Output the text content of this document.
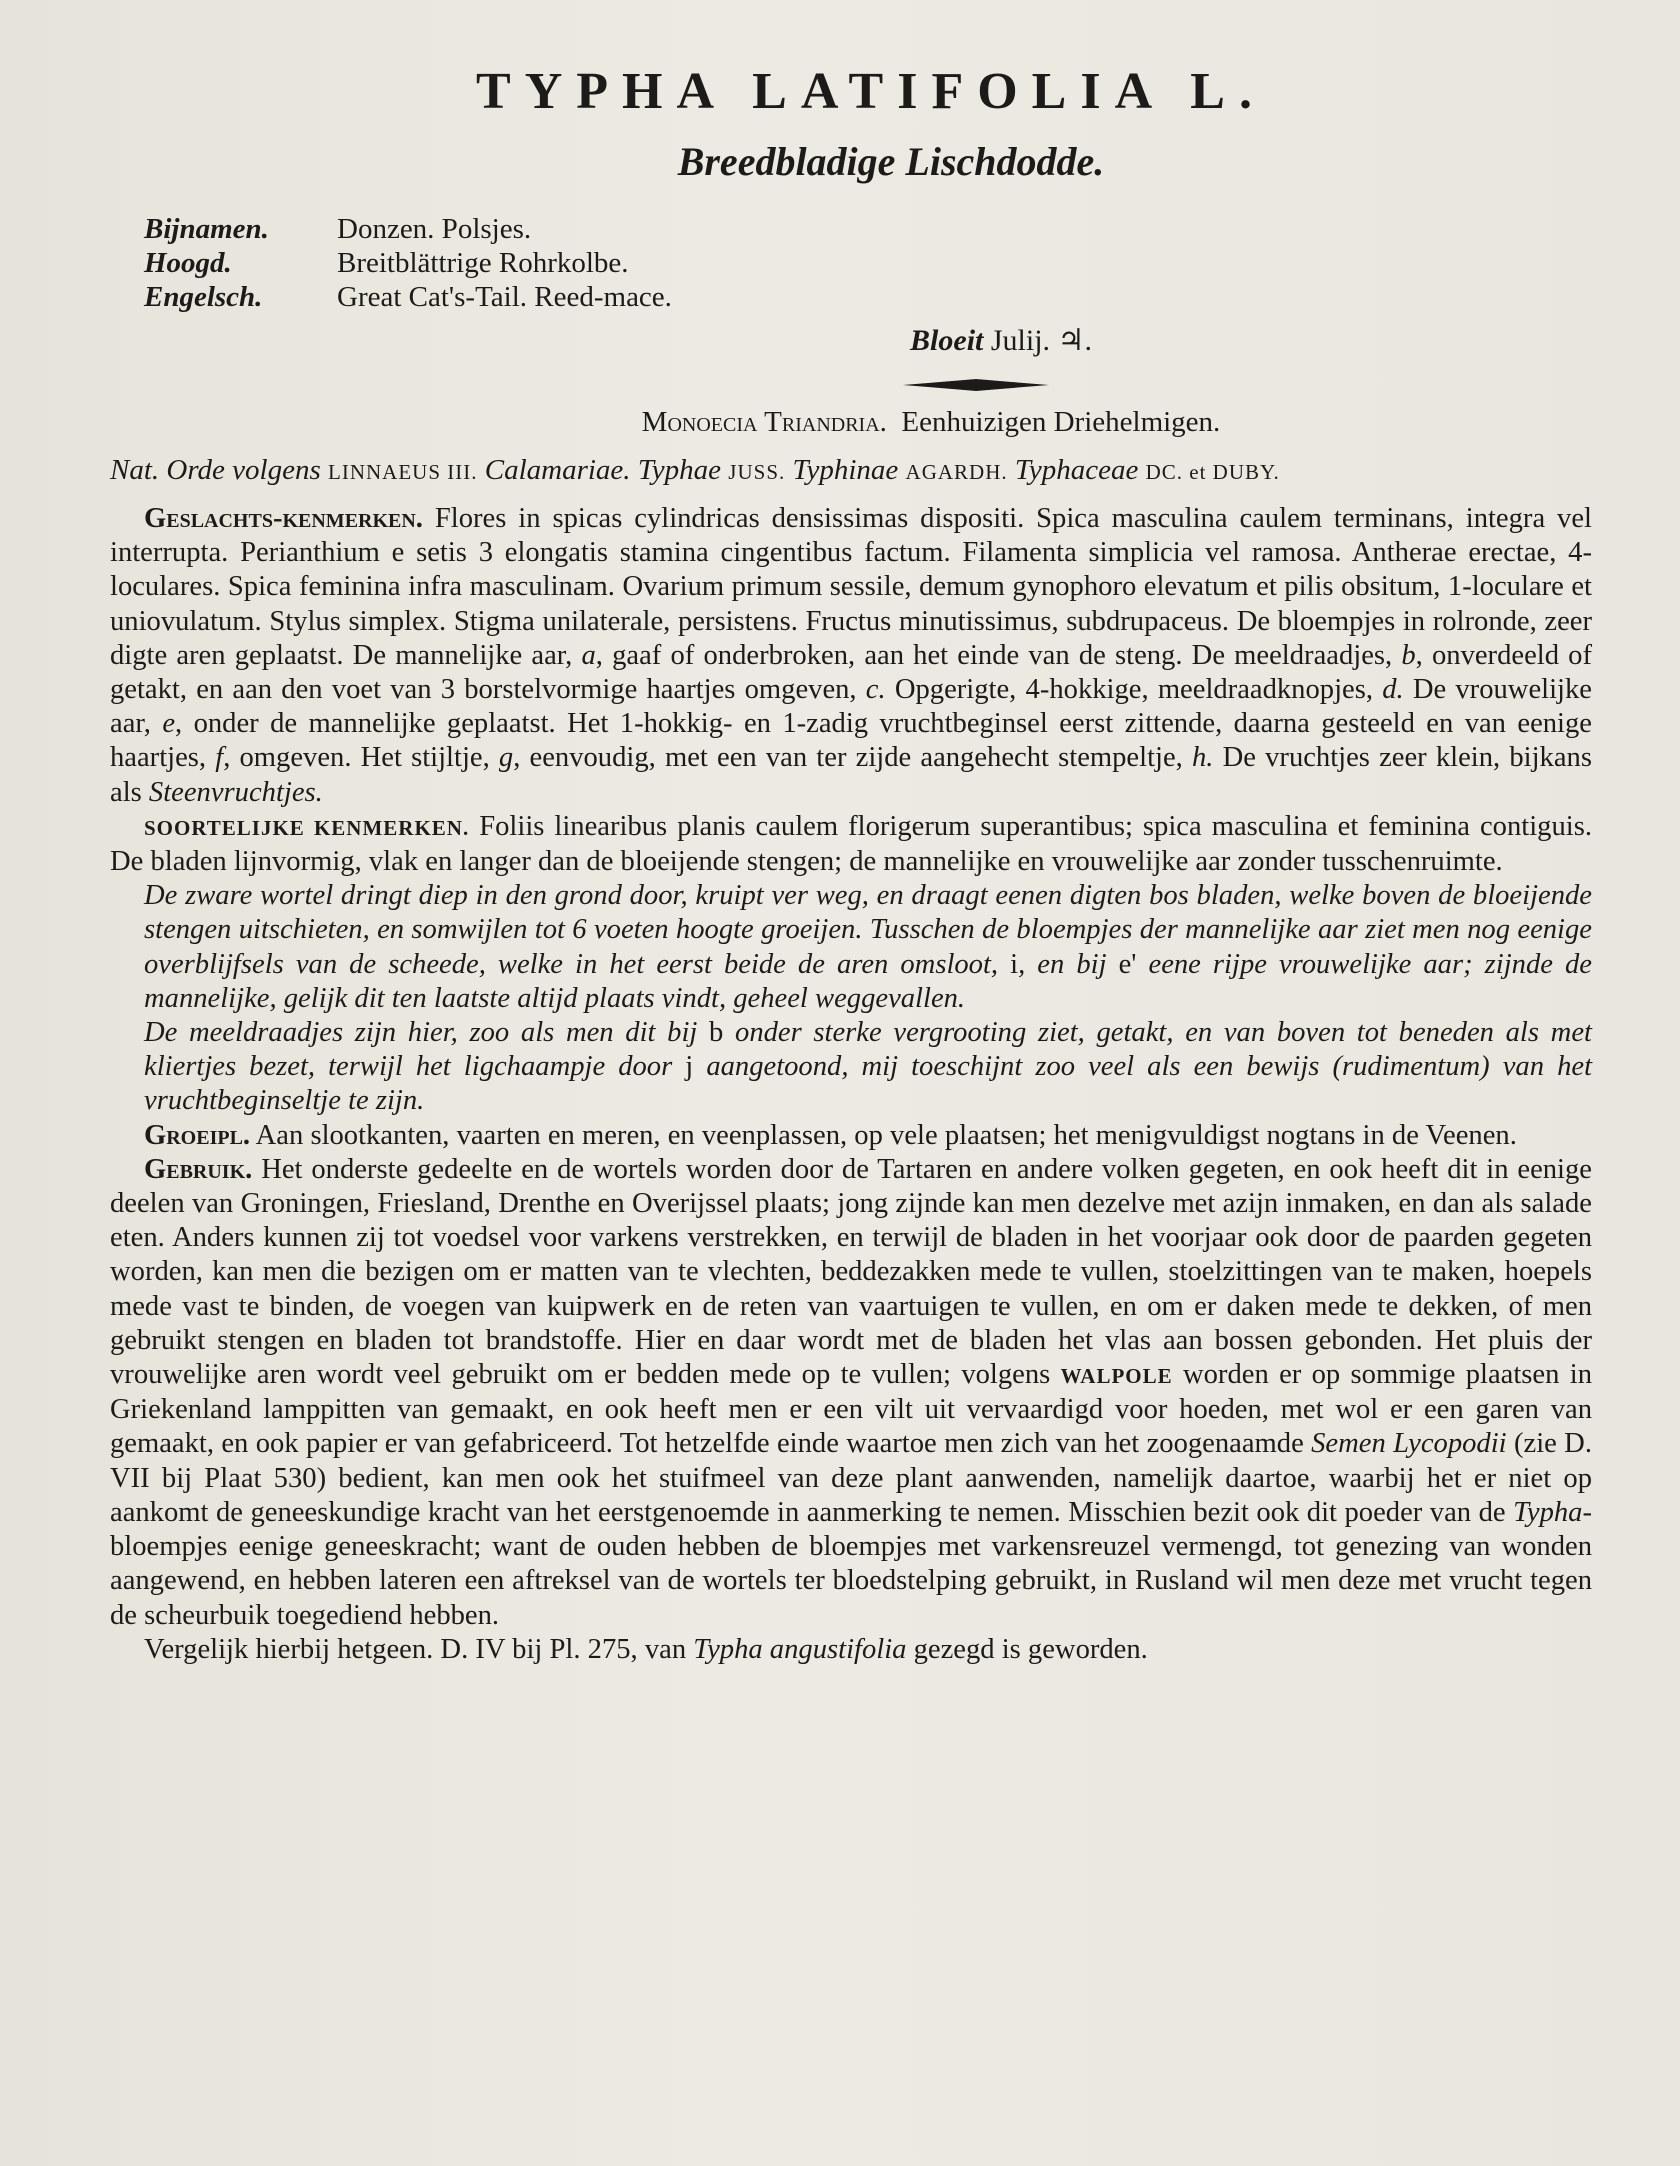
TYPHA LATIFOLIA L.
Breedbladige Lischdodde.
Bijnamen.	Donzen. Polsjes.
Hoogd.	Breitblättrige Rohrkolbe.
Engelsch.	Great Cat's-Tail. Reed-mace.
Bloeit Julij. ♃.

Monoecia Triandria. Eenhuizigen Driehelmigen.

Nat. Orde volgens LINNAEUS III. Calamariae. Typhae JUSS. Typhinae AGARDH. Typhaceae DC. et DUBY.

Geslachts-kenmerken. Flores in spicas cylindricas densissimas dispositi. Spica masculina caulem terminans, integra vel interrupta. Perianthium e setis 3 elongatis stamina cingentibus factum. Filamenta simplicia vel ramosa. Antherae erectae, 4-loculares. Spica feminina infra masculinam. Ovarium primum sessile, demum gynophoro elevatum et pilis obsitum, 1-loculare et uniovulatum. Stylus simplex. Stigma unilaterale, persistens. Fructus minutissimus, subdrupaceus. De bloempjes in rolronde, zeer digte aren geplaatst. De mannelijke aar, a, gaaf of onderbroken, aan het einde van de steng. De meeldraadjes, b, onverdeeld of getakt, en aan den voet van 3 borstelvormige haartjes omgeven, c. Opgerigte, 4-hokkige, meeldraadknopjes, d. De vrouwelijke aar, e, onder de mannelijke geplaatst. Het 1-hokkig- en 1-zadig vruchtbeginsel eerst zittende, daarna gesteeld en van eenige haartjes, f, omgeven. Het stijltje, g, eenvoudig, met een van ter zijde aangehecht stempeltje, h. De vruchtjes zeer klein, bijkans als Steenvruchtjes.

SOORTELIJKE KENMERKEN. Foliis linearibus planis caulem florigerum superantibus; spica masculina et feminina contiguis. De bladen lijnvormig, vlak en langer dan de bloeijende stengen; de mannelijke en vrouwelijke aar zonder tusschenruimte.

De zware wortel dringt diep in den grond door, kruipt ver weg, en draagt eenen digten bos bladen, welke boven de bloeijende stengen uitschieten, en somwijlen tot 6 voeten hoogte groeijen. Tusschen de bloempjes der mannelijke aar ziet men nog eenige overblijfsels van de scheede, welke in het eerst beide de aren omsloot, i, en bij e' eene rijpe vrouwelijke aar; zijnde de mannelijke, gelijk dit ten laatste altijd plaats vindt, geheel weggevallen.

De meeldraadjes zijn hier, zoo als men dit bij b onder sterke vergrooting ziet, getakt, en van boven tot beneden als met kliertjes bezet, terwijl het ligchaampje door j aangetoond, mij toeschijnt zoo veel als een bewijs (rudimentum) van het vruchtbeginseltje te zijn.

Groeipl. Aan slootkanten, vaarten en meren, en veenplassen, op vele plaatsen; het menigvuldigst nogtans in de Veenen.

Gebruik. Het onderste gedeelte en de wortels worden door de Tartaren en andere volken gegeten, en ook heeft dit in eenige deelen van Groningen, Friesland, Drenthe en Overijssel plaats; jong zijnde kan men dezelve met azijn inmaken, en dan als salade eten. Anders kunnen zij tot voedsel voor varkens verstrekken, en terwijl de bladen in het voorjaar ook door de paarden gegeten worden, kan men die bezigen om er matten van te vlechten, beddezakken mede te vullen, stoelzittingen van te maken, hoepels mede vast te binden, de voegen van kuipwerk en de reten van vaartuigen te vullen, en om er daken mede te dekken, of men gebruikt stengen en bladen tot brandstoffe. Hier en daar wordt met de bladen het vlas aan bossen gebonden. Het pluis der vrouwelijke aren wordt veel gebruikt om er bedden mede op te vullen; volgens WALPOLE worden er op sommige plaatsen in Griekenland lamppitten van gemaakt, en ook heeft men er een vilt uit vervaardigd voor hoeden, met wol er een garen van gemaakt, en ook papier er van gefabriceerd. Tot hetzelfde einde waartoe men zich van het zoogenaamde Semen Lycopodii (zie D. VII bij Plaat 530) bedient, kan men ook het stuifmeel van deze plant aanwenden, namelijk daartoe, waarbij het er niet op aankomt de geneeskundige kracht van het eerstgenoemde in aanmerking te nemen. Misschien bezit ook dit poeder van de Typha-bloempjes eenige geneeskracht; want de ouden hebben de bloempjes met varkensreuzel vermengd, tot genezing van wonden aangewend, en hebben lateren een aftreksel van de wortels ter bloedstelping gebruikt, in Rusland wil men deze met vrucht tegen de scheurbuik toegediend hebben.

Vergelijk hierbij hetgeen. D. IV bij Pl. 275, van Typha angustifolia gezegd is geworden.
